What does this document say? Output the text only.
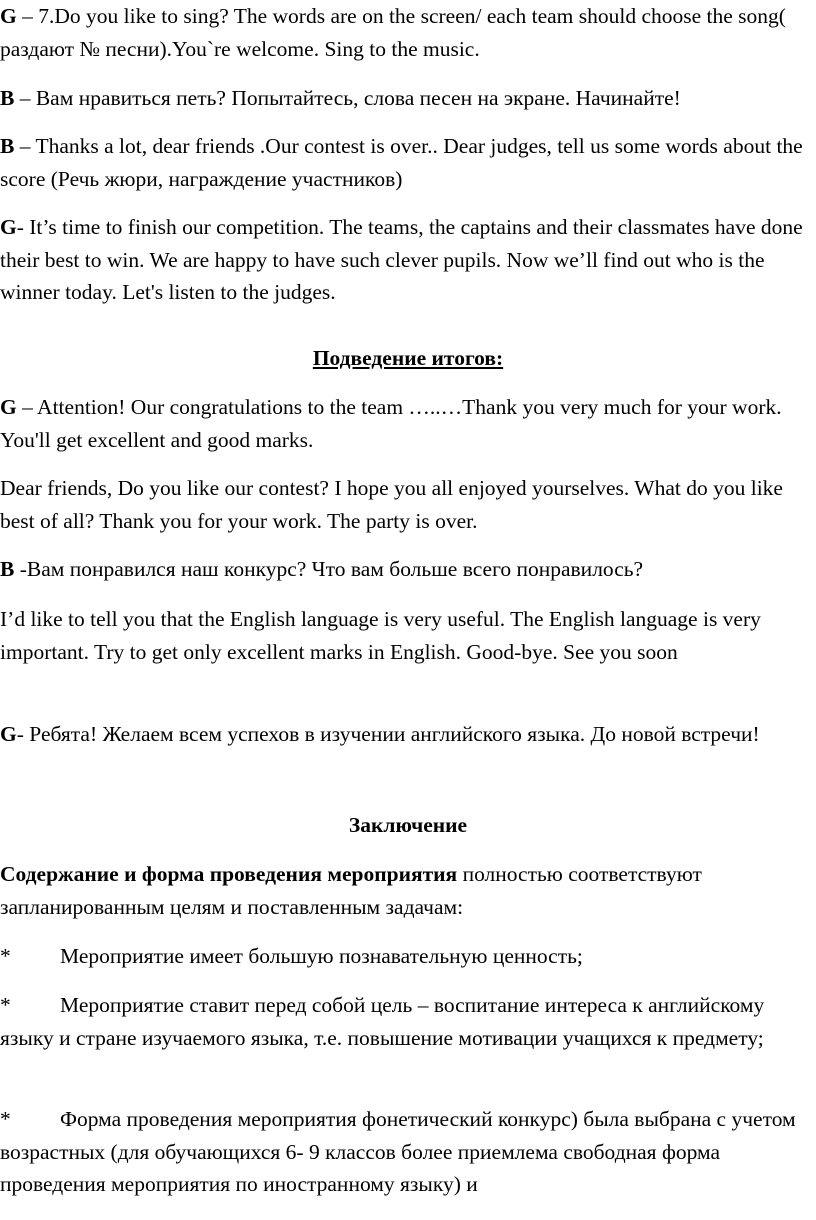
G – 7.Do you like to sing? The words are on the screen/ each team should choose the song( раздают № песни).You`re welcome. Sing to the music.

B – Вам нравиться петь? Попытайтесь, слова песен на экране. Начинайте!

B – Thanks a lot, dear friends .Our contest is over.. Dear judges, tell us some words about the score (Речь жюри, награждение участников)

G- It’s time to finish our competition. The teams, the captains and their classmates have done their best to win. We are happy to have such clever pupils. Now we’ll find out who is the winner today. Let's listen to the judges.

Подведение итогов:

G – Attention! Our congratulations to the team …..…Thank you very much for your work. You'll get excellent and good marks.

Dear friends, Do you like our contest? I hope you all enjoyed yourselves. What do you like best of all? Thank you for your work. The party is over.

B -Вам понравился наш конкурс? Что вам больше всего понравилось?

I’d like to tell you that the English language is very useful. The English language is very important. Try to get only excellent marks in English. Good-bye. See you soon

G- Ребята! Желаем всем успехов в изучении английского языка. До новой встречи!

Заключение

Содержание и форма проведения мероприятия полностью соответствуют запланированным целям и поставленным задачам:

* Мероприятие имеет большую познавательную ценность;

* Мероприятие ставит перед собой цель – воспитание интереса к английскому языку и стране изучаемого языка, т.е. повышение мотивации учащихся к предмету;

* Форма проведения мероприятия фонетический конкурс) была выбрана с учетом возрастных (для обучающихся 6- 9 классов более приемлема свободная форма проведения мероприятия по иностранному языку) и
